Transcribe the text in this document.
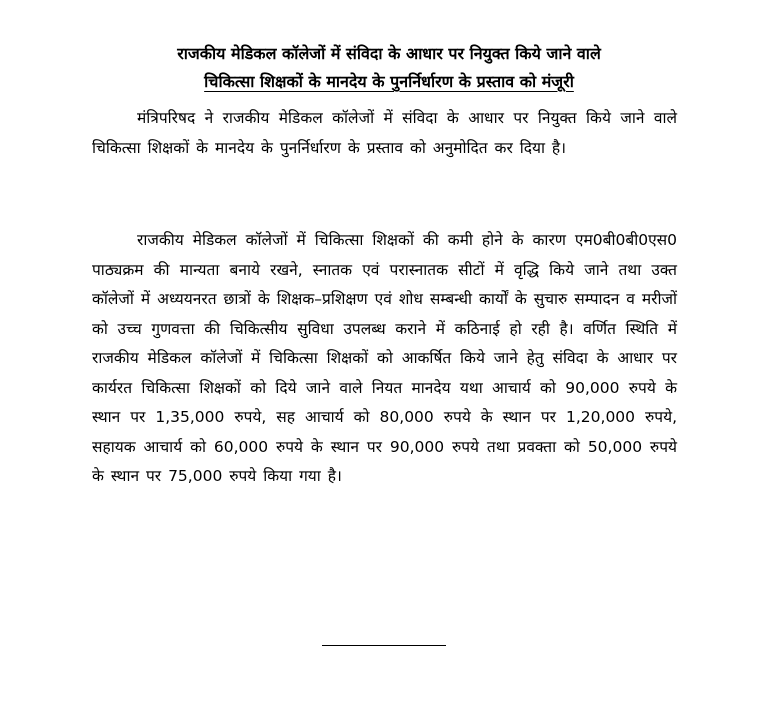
राजकीय मेडिकल कॉलेजों में संविदा के आधार पर नियुक्त किये जाने वाले
चिकित्सा शिक्षकों के मानदेय के पुनर्निर्धारण के प्रस्ताव को मंजूरी

मंत्रिपरिषद ने राजकीय मेडिकल कॉलेजों में संविदा के आधार पर नियुक्त किये जाने वाले चिकित्सा शिक्षकों के मानदेय के पुनर्निर्धारण के प्रस्ताव को अनुमोदित कर दिया है।

राजकीय मेडिकल कॉलेजों में चिकित्सा शिक्षकों की कमी होने के कारण एम0बी0बी0एस0 पाठ्यक्रम की मान्यता बनाये रखने, स्नातक एवं परास्नातक सीटों में वृद्धि किये जाने तथा उक्त कॉलेजों में अध्ययनरत छात्रों के शिक्षक–प्रशिक्षण एवं शोध सम्बन्धी कार्यों के सुचारु सम्पादन व मरीजों को उच्च गुणवत्ता की चिकित्सीय सुविधा उपलब्ध कराने में कठिनाई हो रही है। वर्णित स्थिति में राजकीय मेडिकल कॉलेजों में चिकित्सा शिक्षकों को आकर्षित किये जाने हेतु संविदा के आधार पर कार्यरत चिकित्सा शिक्षकों को दिये जाने वाले नियत मानदेय यथा आचार्य को 90,000 रुपये के स्थान पर 1,35,000 रुपये, सह आचार्य को 80,000 रुपये के स्थान पर 1,20,000 रुपये, सहायक आचार्य को 60,000 रुपये के स्थान पर 90,000 रुपये तथा प्रवक्ता को 50,000 रुपये के स्थान पर 75,000 रुपये किया गया है।
